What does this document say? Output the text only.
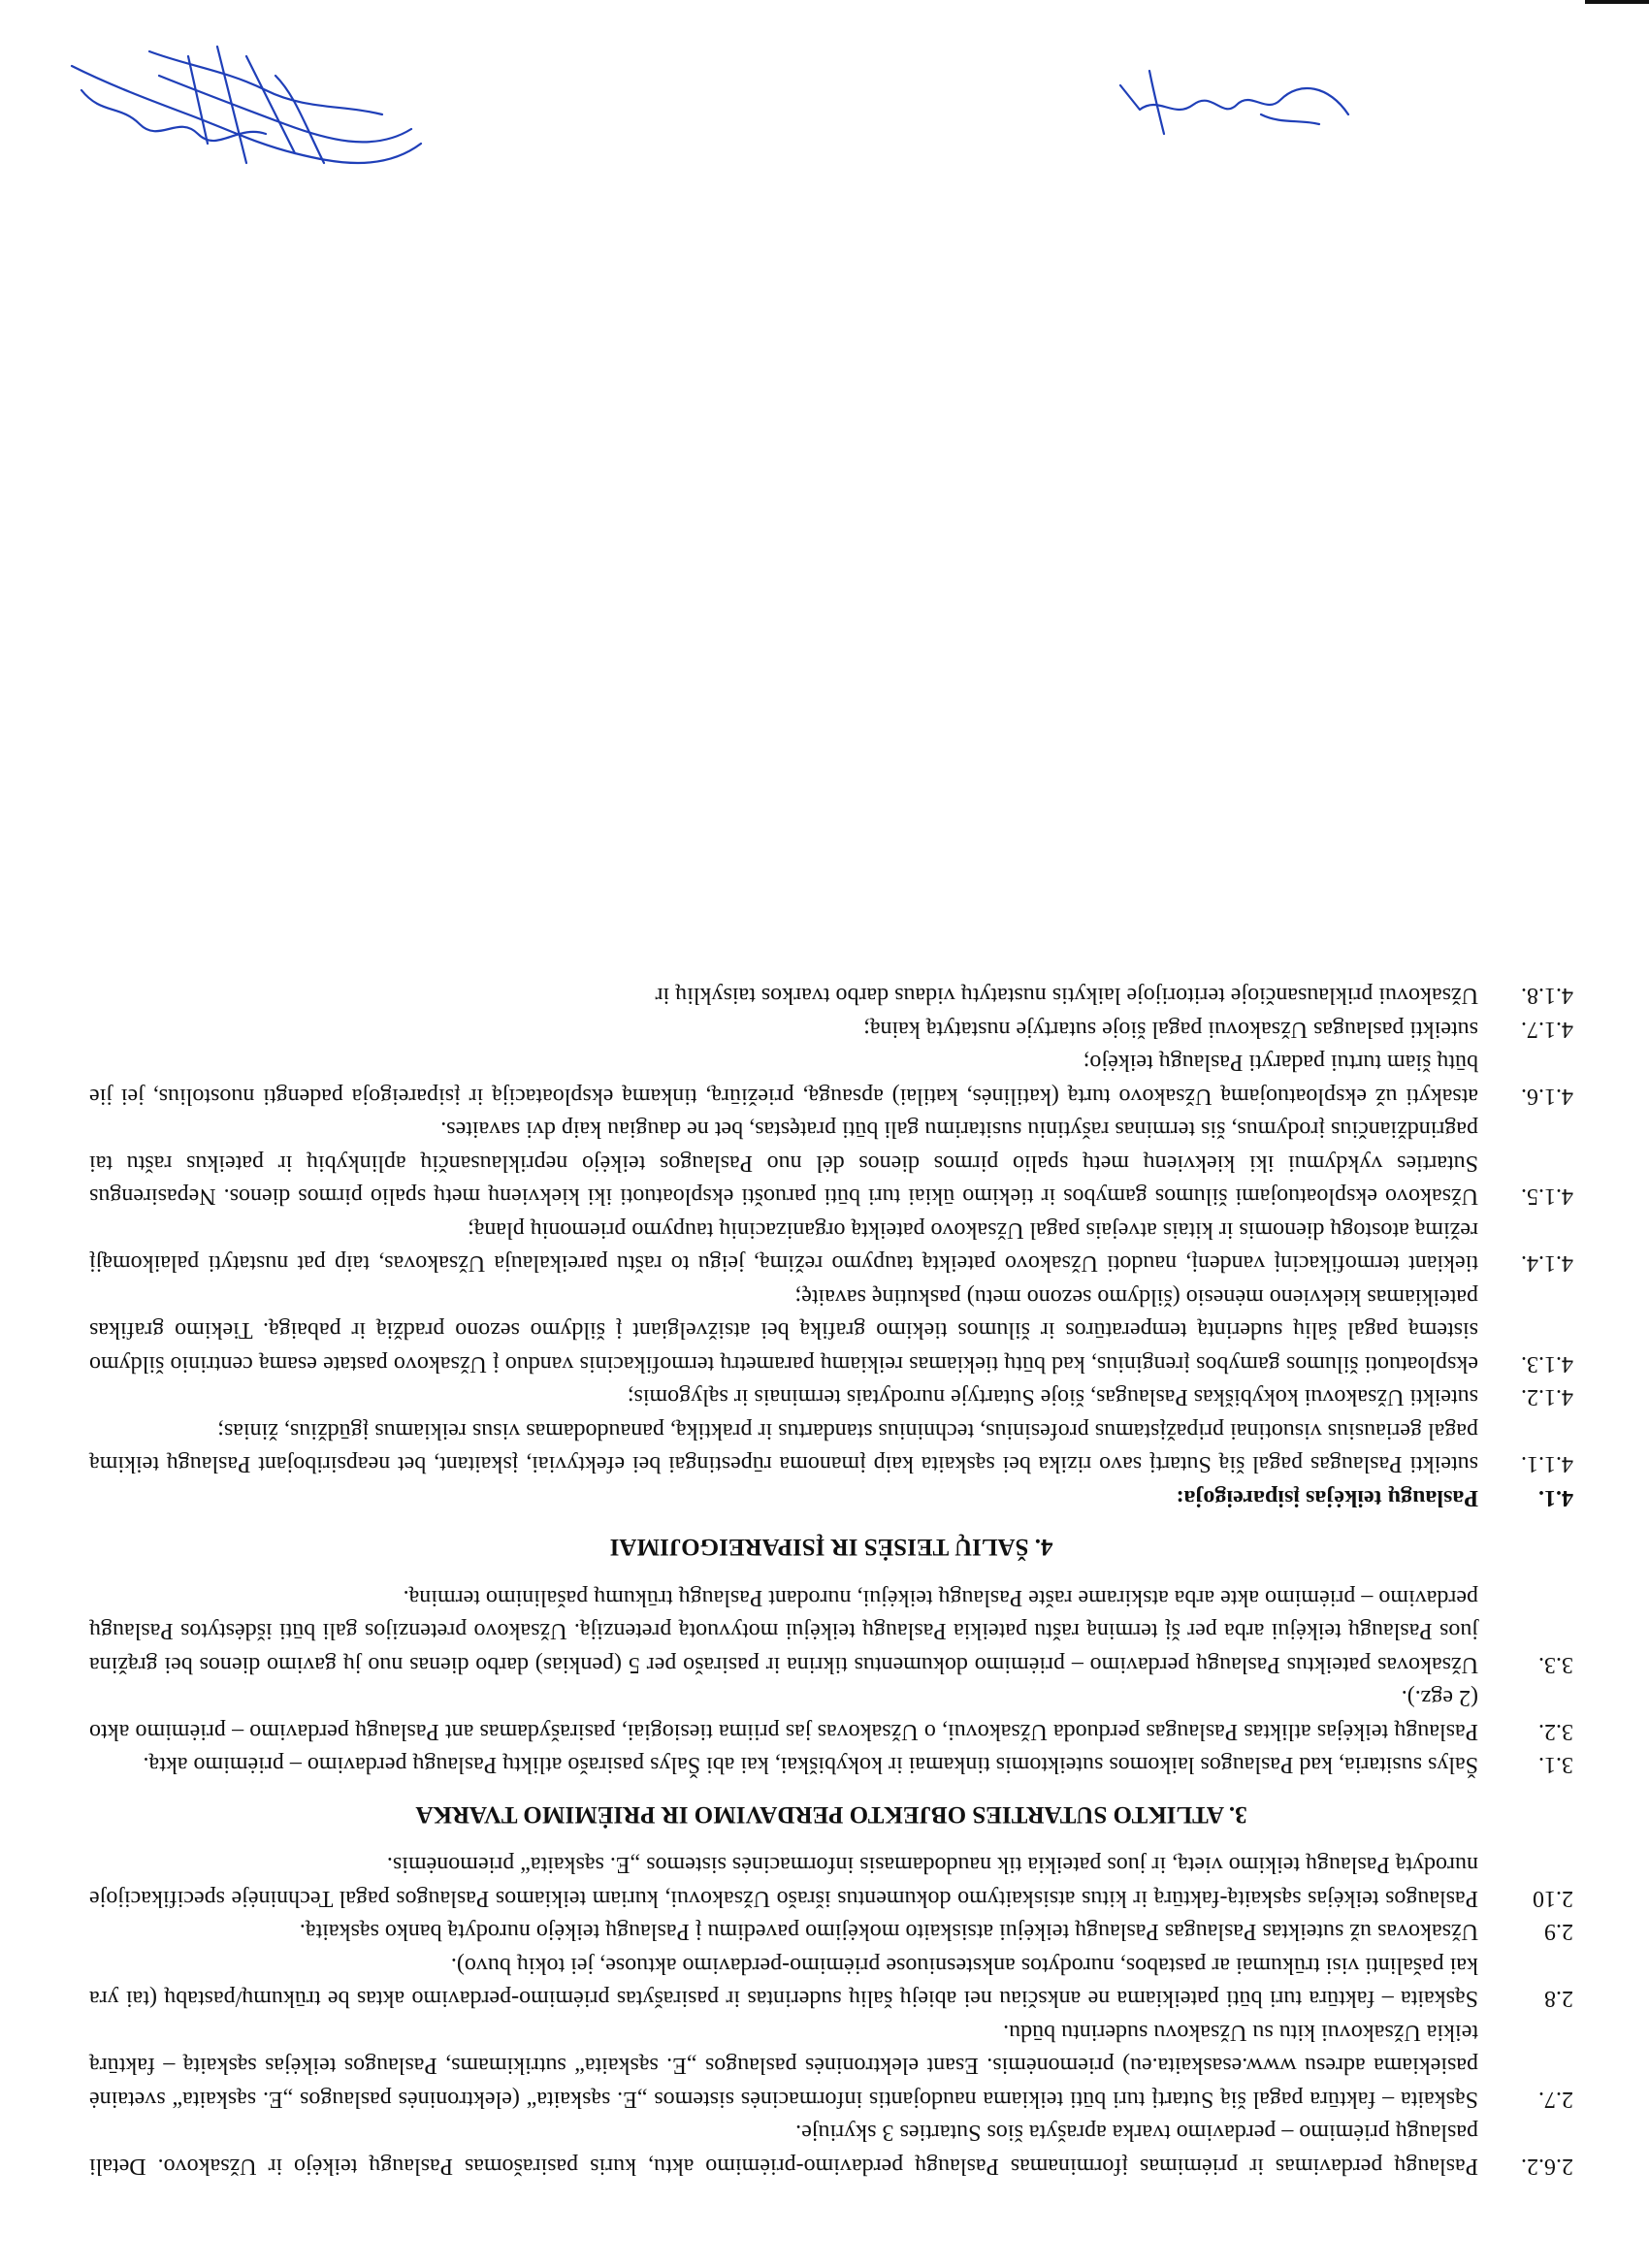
2.6.2.
Paslaugų perdavimas ir priėmimas įforminamas Paslaugų perdavimo-priėmimo aktu, kuris pasirašomas Paslaugų teikėjo ir Užsakovo. Detali paslaugų priėmimo – perdavimo tvarka aprašyta šios Sutarties 3 skyriuje.
2.7.
Sąskaita – faktūra pagal šią Sutartį turi būti teikiama naudojantis informacinės sistemos „E. sąskaita“ (elektroninės paslaugos „E. sąskaita“ svetainė pasiekiama adresu www.esaskaita.eu) priemonėmis. Esant elektroninės paslaugos „E. sąskaita“ sutrikimams, Paslaugos teikėjas sąskaitą – faktūrą teikia Užsakovui kitu su Užsakovu suderintu būdu.
2.8
Sąskaita – faktūra turi būti pateikiama ne anksčiau nei abiejų šalių suderintas ir pasirašytas priėmimo-perdavimo aktas be trūkumų/pastabų (tai yra kai pašalinti visi trūkumai ar pastabos, nurodytos ankstesniuose priėmimo-perdavimo aktuose, jei tokių buvo).
2.9
Užsakovas už suteiktas Paslaugas Paslaugų teikėjui atsiskaito mokėjimo pavedimu į Paslaugų teikėjo nurodytą banko sąskaitą.
2.10
Paslaugos teikėjas sąskaitą-faktūrą ir kitus atsiskaitymo dokumentus išrašo Užsakovui, kuriam teikiamos Paslaugos pagal Techninėje specifikacijoje nurodytą Paslaugų teikimo vietą, ir juos pateikia tik naudodamasis informacinės sistemos „E. sąskaita“ priemonėmis.
3. ATLIKTO SUTARTIES OBJEKTO PERDAVIMO IR PRIĖMIMO TVARKA
3.1.
Šalys susitaria, kad Paslaugos laikomos suteiktomis tinkamai ir kokybiškai, kai abi Šalys pasirašo atliktų Paslaugų perdavimo – priėmimo aktą.
3.2.
Paslaugų teikėjas atliktas Paslaugas perduoda Užsakovui, o Užsakovas jas priima tiesiogiai, pasirašydamas ant Paslaugų perdavimo – priėmimo akto (2 egz.).
3.3.
Užsakovas pateiktus Paslaugų perdavimo – priėmimo dokumentus tikrina ir pasirašo per 5 (penkias) darbo dienas nuo jų gavimo dienos bei grąžina juos Paslaugų teikėjui arba per šį terminą raštu pateikia Paslaugų teikėjui motyvuotą pretenziją. Užsakovo pretenzijos gali būti išdėstytos Paslaugų perdavimo – priėmimo akte arba atskirame rašte Paslaugų teikėjui, nurodant Paslaugų trūkumų pašalinimo terminą.
4. ŠALIŲ TEISĖS IR ĮSIPAREIGOJIMAI
4.1.
Paslaugų teikėjas įsipareigoja:
4.1.1.
suteikti Paslaugas pagal šią Sutartį savo rizika bei sąskaita kaip įmanoma rūpestingai bei efektyviai, įskaitant, bet neapsiribojant Paslaugų teikimą pagal geriausius visuotinai pripažįstamus profesinius, techninius standartus ir praktiką, panaudodamas visus reikiamus įgūdžius, žinias;
4.1.2.
suteikti Užsakovui kokybiškas Paslaugas, šioje Sutartyje nurodytais terminais ir sąlygomis;
4.1.3.
eksploatuoti šilumos gamybos įrenginius, kad būtų tiekiamas reikiamų parametrų termofikacinis vanduo į Užsakovo pastate esamą centrinio šildymo sistemą pagal šalių suderintą temperatūros ir šilumos tiekimo grafiką bei atsižvelgiant į šildymo sezono pradžią ir pabaigą. Tiekimo grafikas pateikiamas kiekvieno mėnesio (šildymo sezono metu) paskutinę savaitę;
4.1.4.
tiekiant termofikacinį vandenį, naudoti Užsakovo pateiktą taupymo režimą, jeigu to raštu pareikalauja Užsakovas, taip pat nustatyti palaikomąjį režimą atostogų dienomis ir kitais atvejais pagal Užsakovo pateiktą organizacinių taupymo priemonių planą;
4.1.5.
Užsakovo eksploatuojami šilumos gamybos ir tiekimo ūkiai turi būti paruošti eksploatuoti iki kiekvienų metų spalio pirmos dienos. Nepasirengus Sutarties vykdymui iki kiekvienų metų spalio pirmos dienos dėl nuo Paslaugos teikėjo nepriklausančių aplinkybių ir pateikus raštu tai pagrindžiančius įrodymus, šis terminas rašytiniu susitarimu gali būti pratęstas, bet ne daugiau kaip dvi savaites.
4.1.6.
atsakyti už eksploatuojamą Užsakovo turtą (katilinės, katilai) apsaugą, priežiūrą, tinkamą eksploataciją ir įsipareigoja padengti nuostolius, jei jie būtų šiam turtui padaryti Paslaugų teikėjo;
4.1.7.
suteikti paslaugas Užsakovui pagal šioje sutartyje nustatytą kainą;
4.1.8.
Užsakovui priklausančioje teritorijoje laikytis nustatytų vidaus darbo tvarkos taisyklių ir
